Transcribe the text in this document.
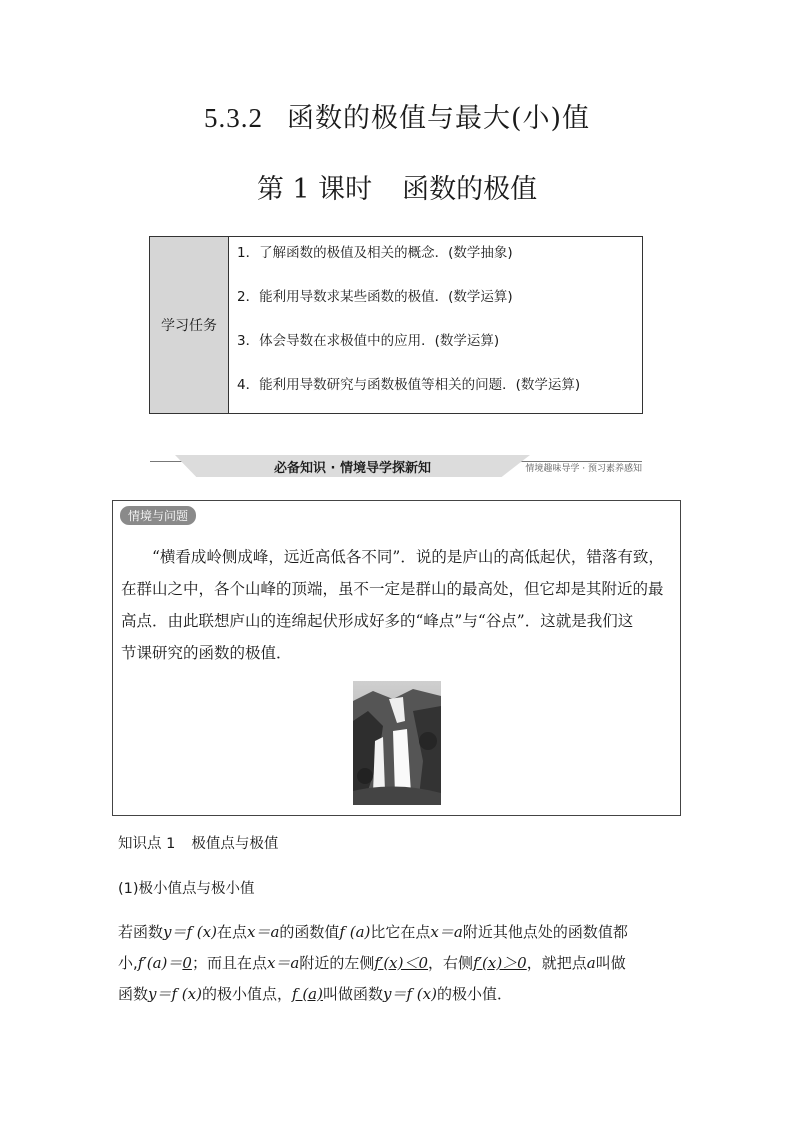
5.3.2 函数的极值与最大(小)值
第 1 课时 函数的极值
学习任务
1．了解函数的极值及相关的概念．(数学抽象)
2．能利用导数求某些函数的极值．(数学运算)
3．体会导数在求极值中的应用．(数学运算)
4．能利用导数研究与函数极值等相关的问题．(数学运算)
必备知识 · 情境导学探新知	情境趣味导学 · 预习素养感知
情境与问题
“横看成岭侧成峰，远近高低各不同”．说的是庐山的高低起伏，错落有致，
在群山之中，各个山峰的顶端，虽不一定是群山的最高处，但它却是其附近的最
高点．由此联想庐山的连绵起伏形成好多的“峰点”与“谷点”．这就是我们这
节课研究的函数的极值．
知识点 1 极值点与极值
(1)极小值点与极小值
若函数y＝f (x)在点x＝a的函数值f (a)比它在点x＝a附近其他点处的函数值都
小,f′(a)＝0；而且在点x＝a附近的左侧f′(x)＜0，右侧f′(x)＞0，就把点a叫做
函数y＝f (x)的极小值点，f (a)叫做函数y＝f (x)的极小值．
